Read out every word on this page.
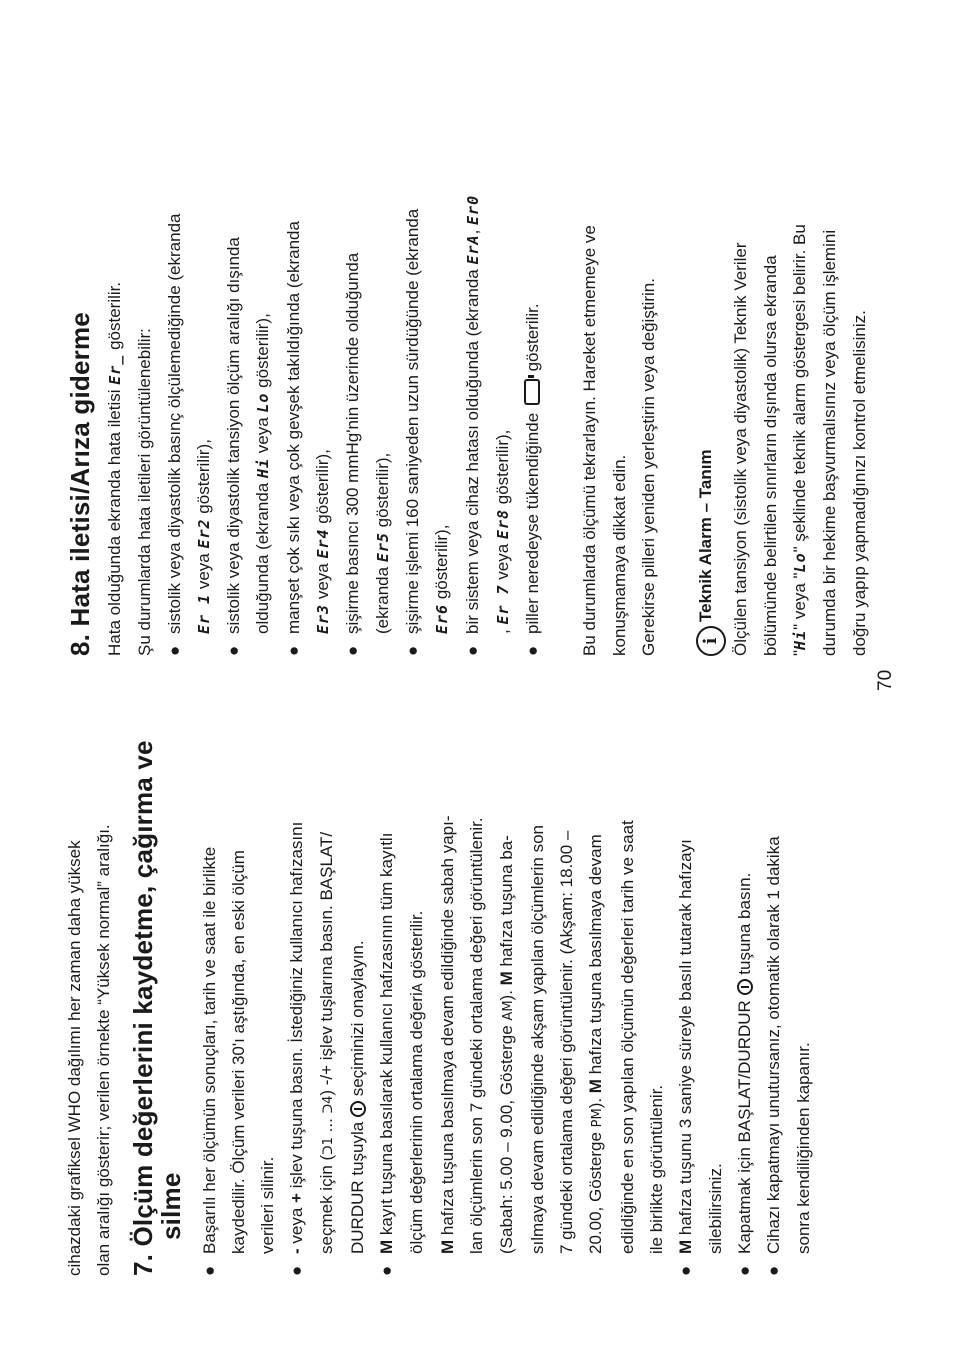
cihazdaki grafiksel WHO dağılımı her zaman daha yüksek olan aralığı gösterir; verilen örnekte “Yüksek normal” aralığı. 7. Ölçüm değerlerini kaydetme, çağırma ve silme
●
Başarılı her ölçümün sonuçları, tarih ve saat ile birlikte kaydedilir. Ölçüm verileri 30'ı aştığında, en eski ölçüm verileri silinir.
●
- veya + işlev tuşuna basın. İstediğiniz kullanıcı hafızasını
seçmek için (ᑐ1 ... ᑐ4) -/+ işlev tuşlarına basın. BAŞLAT/
DURDUR tuşuyla  seçiminizi onaylayın.
●
M kayıt tuşuna basılarak kullanıcı hafızasının tüm kayıtlı ölçüm değerlerinin ortalama değeriA gösterilir.
M hafıza tuşuna basılmaya devam edildiğinde sabah yapı- lan ölçümlerin son 7 gündeki ortalama değeri görüntülenir. (Sabah: 5.00 – 9.00, Gösterge AM). M hafıza tuşuna ba- sılmaya devam edildiğinde akşam yapılan ölçümlerin son 7 gündeki ortalama değeri görüntülenir. (Akşam: 18.00 – 20.00, Gösterge PM). M hafıza tuşuna basılmaya devam edildiğinde en son yapılan ölçümün değerleri tarih ve saat ile birlikte görüntülenir.
●
M hafıza tuşunu 3 saniye süreyle basılı tutarak hafızayı silebilirsiniz.
●
Kapatmak için BAŞLAT/DURDUR  tuşuna basın.
●
Cihazı kapatmayı unutursanız, otomatik olarak 1 dakika sonra kendiliğinden kapanır.
8. Hata iletisi/Arıza giderme Hata olduğunda ekranda hata iletisi Er_ gösterilir.
Şu durumlarda hata iletileri görüntülenebilir: ●
sistolik veya diyastolik basınç ölçülemediğinde (ekranda Er 1 veya Er2 gösterilir),
●
sistolik veya diyastolik tansiyon ölçüm aralığı dışında olduğunda (ekranda Hi veya Lo gösterilir),
●
manşet çok sıkı veya çok gevşek takıldığında (ekranda Er3 veya Er4 gösterilir),
●
şişirme basıncı 300 mmHg'nin üzerinde olduğunda (ekranda Er5 gösterilir),
●
şişirme işlemi 160 saniyeden uzun sürdüğünde (ekranda Er6 gösterilir),
●
bir sistem veya cihaz hatası olduğunda (ekranda ErA, Er0
, Er 7 veya Er8 gösterilir),
●
piller neredeyse tükendiğinde  gösterilir.	Bu durumlarda ölçümü tekrarlayın. Hareket etmemeye ve konuşmamaya dikkat edin. Gerekirse pilleri yeniden yerleştirin veya değiştirin.	iTeknik Alarm – Tanım Ölçülen tansiyon (sistolik veya diyastolik) Teknik Veriler bölümünde belirtilen sınırların dışında olursa ekranda "Hi" veya "Lo" şeklinde teknik alarm göstergesi belirir. Bu durumda bir hekime başvurmalısınız veya ölçüm işlemini doğru yapıp yapmadığınızı kontrol etmelisiniz.

70
